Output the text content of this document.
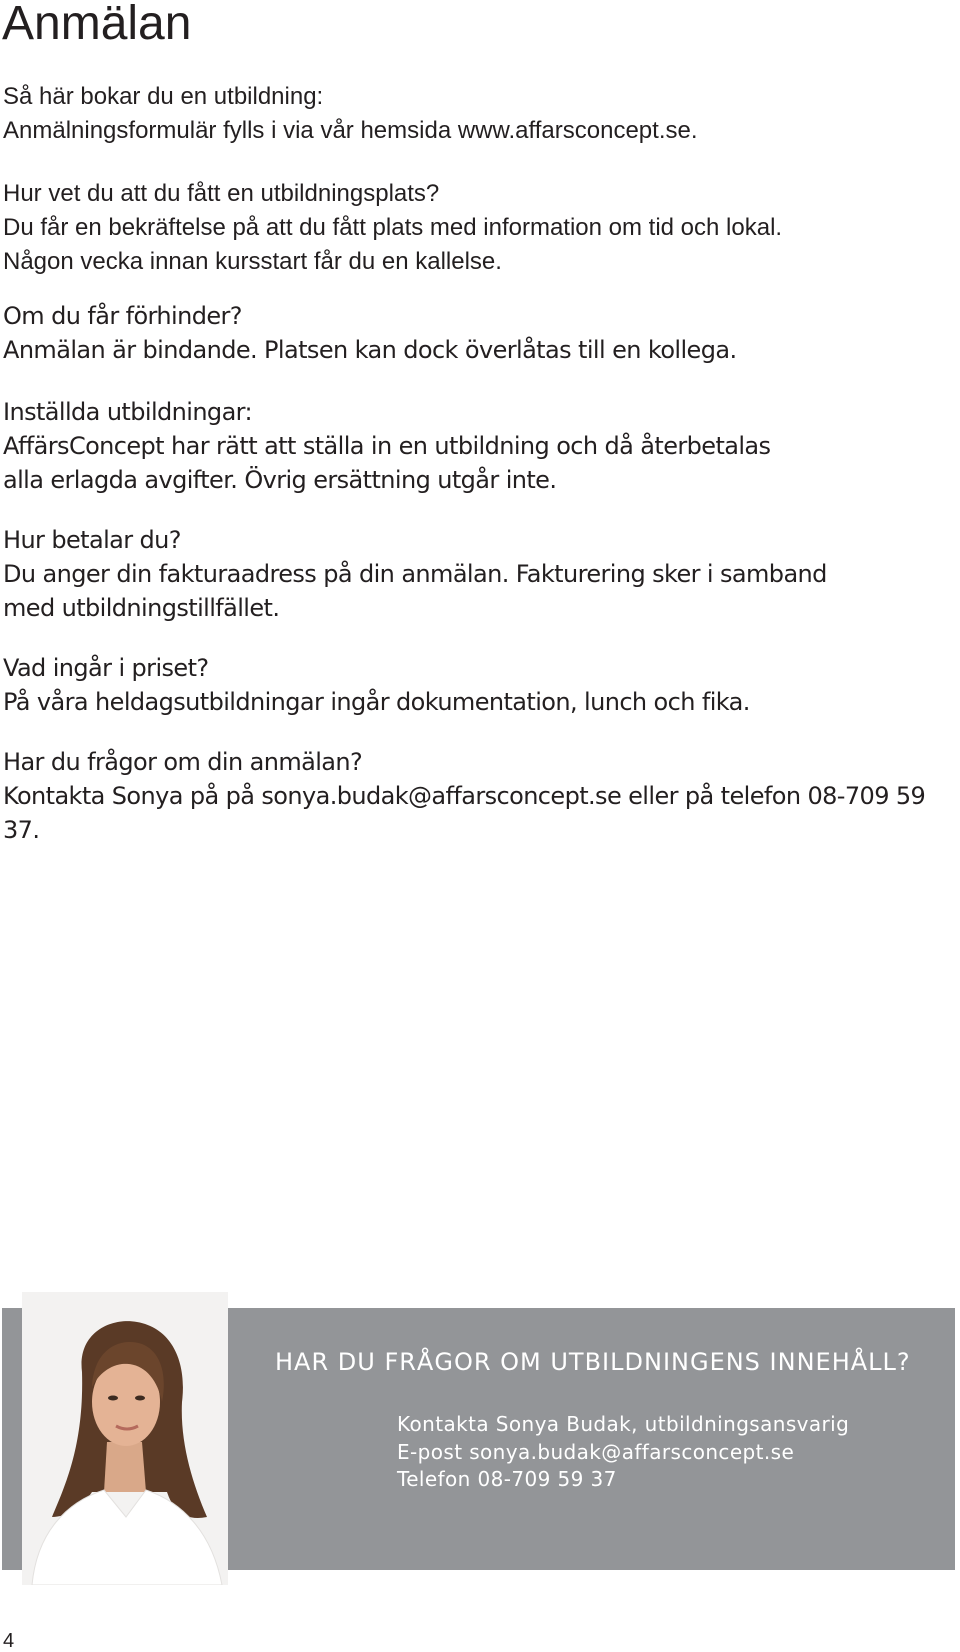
Anmälan

Så här bokar du en utbildning:

Anmälningsformulär fylls i via vår hemsida www.affarsconcept.se.

Hur vet du att du fått en utbildningsplats?

Du får en bekräftelse på att du fått plats med information om tid och lokal.

Någon vecka innan kursstart får du en kallelse.

Om du får förhinder?

Anmälan är bindande. Platsen kan dock överlåtas till en kollega.

Inställda utbildningar:

AffärsConcept har rätt att ställa in en utbildning och då återbetalas

alla erlagda avgifter. Övrig ersättning utgår inte.

Hur betalar du?

Du anger din fakturaadress på din anmälan. Fakturering sker i samband

med utbildningstillfället.

Vad ingår i priset?

På våra heldagsutbildningar ingår dokumentation, lunch och fika.

Har du frågor om din anmälan?

Kontakta Sonya på på sonya.budak@affarsconcept.se eller på telefon 08-709 59 37.

HAR DU FRÅGOR OM UTBILDNINGENS INNEHÅLL?
Kontakta Sonya Budak, utbildningsansvarig
E-post sonya.budak@affarsconcept.se
Telefon 08-709 59 37
4
